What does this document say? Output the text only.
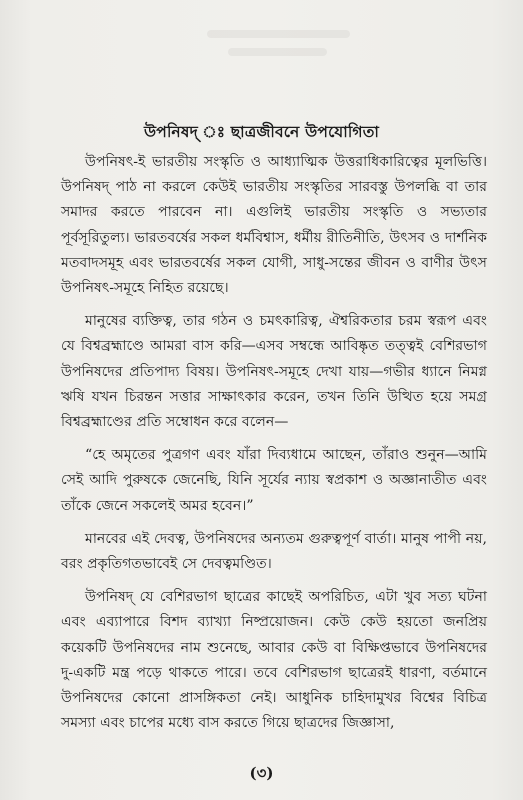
উপনিষদ্ ঃ ছাত্রজীবনে উপযোগিতা

উপনিষৎ-ই ভারতীয় সংস্কৃতি ও আধ্যাত্মিক উত্তরাধিকারিত্বের মূলভিত্তি। উপনিষদ্ পাঠ না করলে কেউই ভারতীয় সংস্কৃতির সারবস্তু উপলব্ধি বা তার সমাদর করতে পারবেন না। এগুলিই ভারতীয় সংস্কৃতি ও সভ্যতার পূর্বসূরিতুল্য। ভারতবর্ষের সকল ধর্মবিশ্বাস, ধর্মীয় রীতিনীতি, উৎসব ও দার্শনিক মতবাদসমূহ এবং ভারতবর্ষের সকল যোগী, সাধু-সন্তের জীবন ও বাণীর উৎস উপনিষৎ-সমূহে নিহিত রয়েছে।

মানুষের ব্যক্তিত্ব, তার গঠন ও চমৎকারিত্ব, ঐশ্বরিকতার চরম স্বরূপ এবং যে বিশ্বব্রহ্মাণ্ডে আমরা বাস করি—এসব সম্বন্ধে আবিষ্কৃত তত্ত্বই বেশিরভাগ উপনিষদের প্রতিপাদ্য বিষয়। উপনিষৎ-সমূহে দেখা যায়—গভীর ধ্যানে নিমগ্ন ঋষি যখন চিরন্তন সত্তার সাক্ষাৎকার করেন, তখন তিনি উত্থিত হয়ে সমগ্র বিশ্বব্রহ্মাণ্ডের প্রতি সম্বোধন করে বলেন—

“হে অমৃতের পুত্রগণ এবং যাঁরা দিব্যধামে আছেন, তাঁরাও শুনুন—আমি সেই আদি পুরুষকে জেনেছি, যিনি সূর্যের ন্যায় স্বপ্রকাশ ও অজ্ঞানাতীত এবং তাঁকে জেনে সকলেই অমর হবেন।”

মানবের এই দেবত্ব, উপনিষদের অন্যতম গুরুত্বপূর্ণ বার্তা। মানুষ পাপী নয়, বরং প্রকৃতিগতভাবেই সে দেবত্বমণ্ডিত।

উপনিষদ্ যে বেশিরভাগ ছাত্রের কাছেই অপরিচিত, এটা খুব সত্য ঘটনা এবং এব্যাপারে বিশদ ব্যাখ্যা নিষ্প্রয়োজন। কেউ কেউ হয়তো জনপ্রিয় কয়েকটি উপনিষদের নাম শুনেছে, আবার কেউ বা বিক্ষিপ্তভাবে উপনিষদের দু-একটি মন্ত্র পড়ে থাকতে পারে। তবে বেশিরভাগ ছাত্রেরই ধারণা, বর্তমানে উপনিষদের কোনো প্রাসঙ্গিকতা নেই। আধুনিক চাহিদামুখর বিশ্বের বিচিত্র সমস্যা এবং চাপের মধ্যে বাস করতে গিয়ে ছাত্রদের জিজ্ঞাসা,

(৩)
